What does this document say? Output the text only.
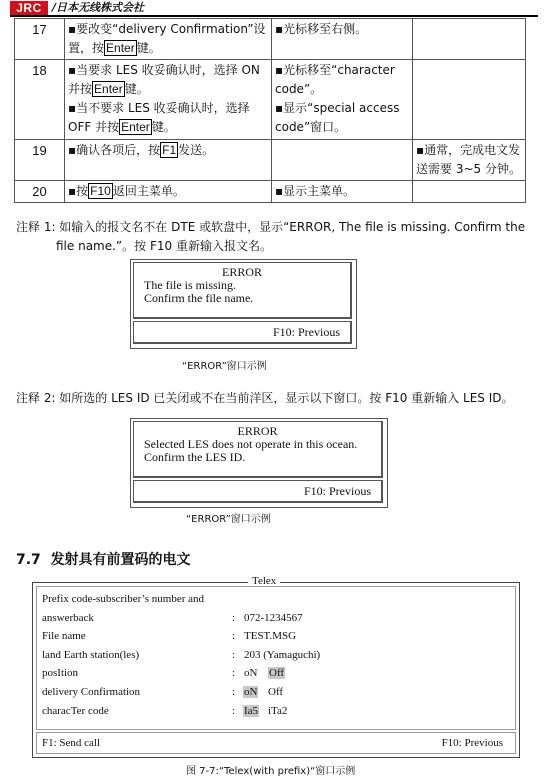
JRC /日本无线株式会社
17	▪要改变“delivery Confirmation”设置，按 Enter 键。	▪光标移至右侧。	
18	▪当要求 LES 收妥确认时，选择 ON 并按 Enter 键。
▪当不要求 LES 收妥确认时，选择 OFF 并按 Enter 键。	▪光标移至“character code”。
▪显示“special access code”窗口。	

19	▪确认各项后，按 F1 发送。		▪通常，完成电文发送需要 3~5 分钟。
20	▪按 F10 返回主菜单。	▪显示主菜单。	
注释 1: 如输入的报文名不在 DTE 或软盘中，显示“ERROR, The file is missing. Confirm the
file name.”。按 F10 重新输入报文名。
ERROR
The file is missing.
Confirm the file name.
F10: Previous
“ERROR”窗口示例
注释 2: 如所选的 LES ID 已关闭或不在当前洋区，显示以下窗口。按 F10 重新输入 LES ID。
ERROR
Selected LES does not operate in this ocean.
Confirm the LES ID.
F10: Previous
“ERROR”窗口示例
7.7 发射具有前置码的电文
Telex
Prefix code-subscriber’s number and
answerback	: 072-1234567
File name	: TEST.MSG
land Earth station(les)	: 203 (Yamaguchi)
posItion	: oN Off
delivery Confirmation	: oN Off
characTer code	: Ia5 iTa2
F1: Send call	F10: Previous
图 7-7:“Telex(with prefix)“窗口示例
